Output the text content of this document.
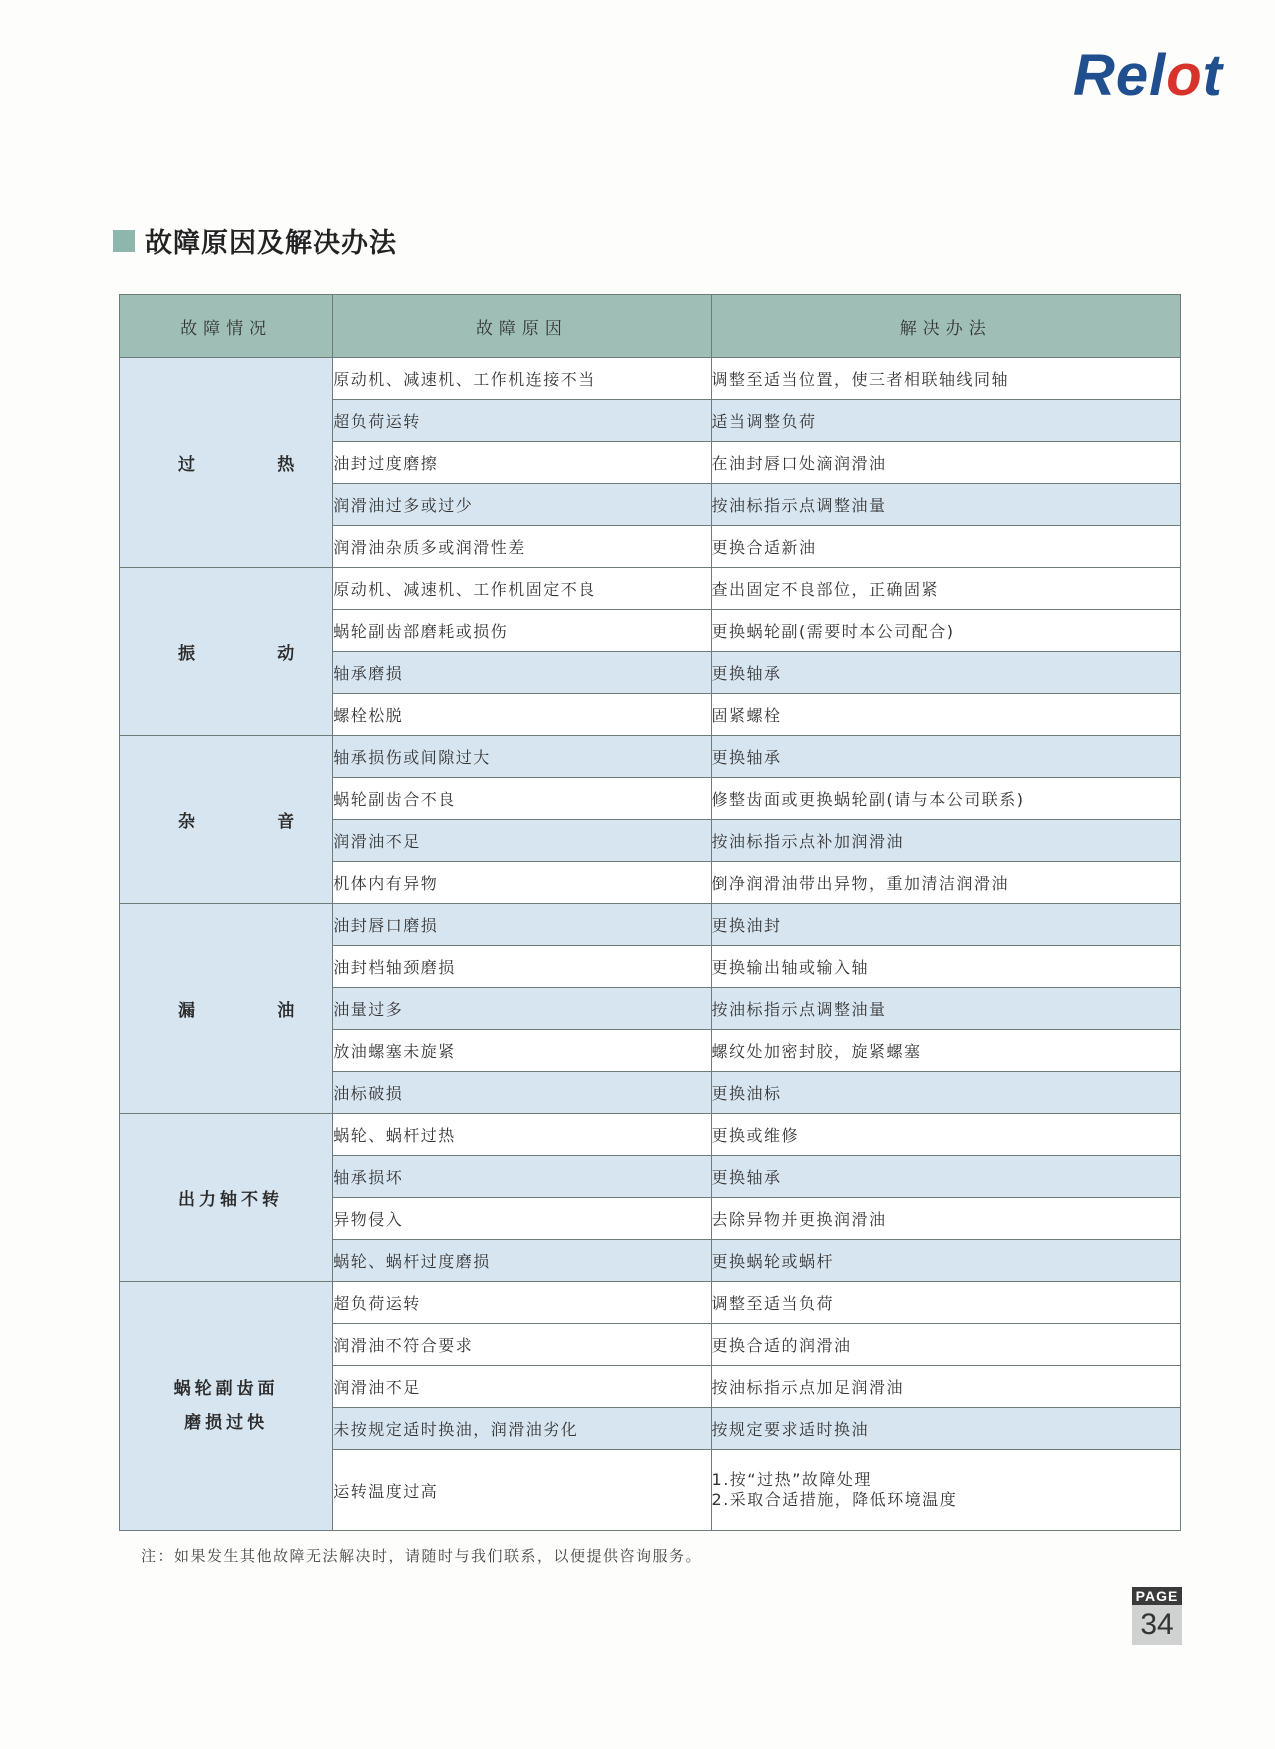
Relot
故障原因及解决办法
故障情况	故障原因	解决办法

过 热	原动机、减速机、工作机连接不当	调整至适当位置，使三者相联轴线同轴
	超负荷运转	适当调整负荷
	油封过度磨擦	在油封唇口处滴润滑油
	润滑油过多或过少	按油标指示点调整油量
	润滑油杂质多或润滑性差	更换合适新油

振 动	原动机、减速机、工作机固定不良	查出固定不良部位，正确固紧
	蜗轮副齿部磨耗或损伤	更换蜗轮副(需要时本公司配合)
	轴承磨损	更换轴承
	螺栓松脱	固紧螺栓

杂 音	轴承损伤或间隙过大	更换轴承
	蜗轮副齿合不良	修整齿面或更换蜗轮副(请与本公司联系)
	润滑油不足	按油标指示点补加润滑油
	机体内有异物	倒净润滑油带出异物，重加清洁润滑油

漏 油	油封唇口磨损	更换油封
	油封档轴颈磨损	更换输出轴或输入轴
	油量过多	按油标指示点调整油量
	放油螺塞未旋紧	螺纹处加密封胶，旋紧螺塞
	油标破损	更换油标

出力轴不转	蜗轮、蜗杆过热	更换或维修
	轴承损坏	更换轴承
	异物侵入	去除异物并更换润滑油
	蜗轮、蜗杆过度磨损	更换蜗轮或蜗杆

蜗轮副齿面
磨损过快	超负荷运转	调整至适当负荷
	润滑油不符合要求	更换合适的润滑油
	润滑油不足	按油标指示点加足润滑油
	未按规定适时换油，润滑油劣化	按规定要求适时换油
	运转温度过高	1.按“过热”故障处理
2.采取合适措施，降低环境温度
注：如果发生其他故障无法解决时，请随时与我们联系，以便提供咨询服务。
PAGE
34
